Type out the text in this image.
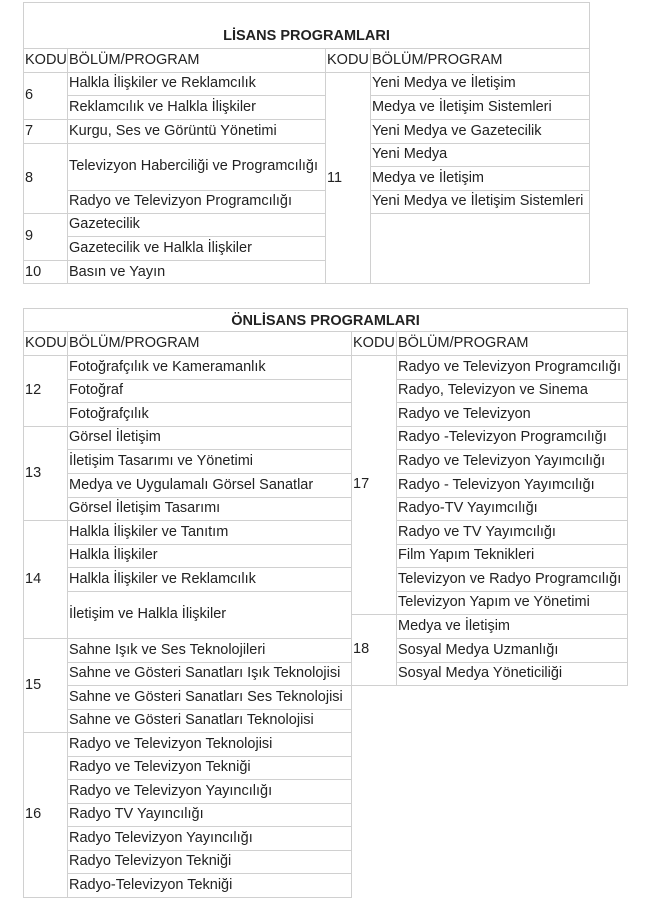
LİSANS PROGRAMLARI
KODU BÖLÜM/PROGRAM	KODU BÖLÜM/PROGRAM
6
7
8
9
10
Halkla İlişkiler ve Reklamcılık
Reklamcılık ve Halkla İlişkiler
Kurgu, Ses ve Görüntü Yönetimi
Televizyon Haberciliği ve Programcılığı
Radyo ve Televizyon Programcılığı
Gazetecilik
Gazetecilik ve Halkla İlişkiler
Basın ve Yayın
11
Yeni Medya ve İletişim
Medya ve İletişim Sistemleri
Yeni Medya ve Gazetecilik
Yeni Medya
Medya ve İletişim
Yeni Medya ve İletişim Sistemleri
ÖNLİSANS PROGRAMLARI
KODU BÖLÜM/PROGRAM	KODU BÖLÜM/PROGRAM
12
13
14
15
16
Fotoğrafçılık ve Kameramanlık
Fotoğraf
Fotoğrafçılık
Görsel İletişim
İletişim Tasarımı ve Yönetimi
Medya ve Uygulamalı Görsel Sanatlar
Görsel İletişim Tasarımı
Halkla İlişkiler ve Tanıtım
Halkla İlişkiler
Halkla İlişkiler ve Reklamcılık
İletişim ve Halkla İlişkiler
Sahne Işık ve Ses Teknolojileri
Sahne ve Gösteri Sanatları Işık Teknolojisi
Sahne ve Gösteri Sanatları Ses Teknolojisi
Sahne ve Gösteri Sanatları Teknolojisi
Radyo ve Televizyon Teknolojisi
Radyo ve Televizyon Tekniği
Radyo ve Televizyon Yayıncılığı
Radyo TV Yayıncılığı
Radyo Televizyon Yayıncılığı
Radyo Televizyon Tekniği
Radyo-Televizyon Tekniği
17
18
Radyo ve Televizyon Programcılığı
Radyo, Televizyon ve Sinema
Radyo ve Televizyon
Radyo -Televizyon Programcılığı
Radyo ve Televizyon Yayımcılığı
Radyo - Televizyon Yayımcılığı
Radyo-TV Yayımcılığı
Radyo ve TV Yayımcılığı
Film Yapım Teknikleri
Televizyon ve Radyo Programcılığı
Televizyon Yapım ve Yönetimi
Medya ve İletişim
Sosyal Medya Uzmanlığı
Sosyal Medya Yöneticiliği
